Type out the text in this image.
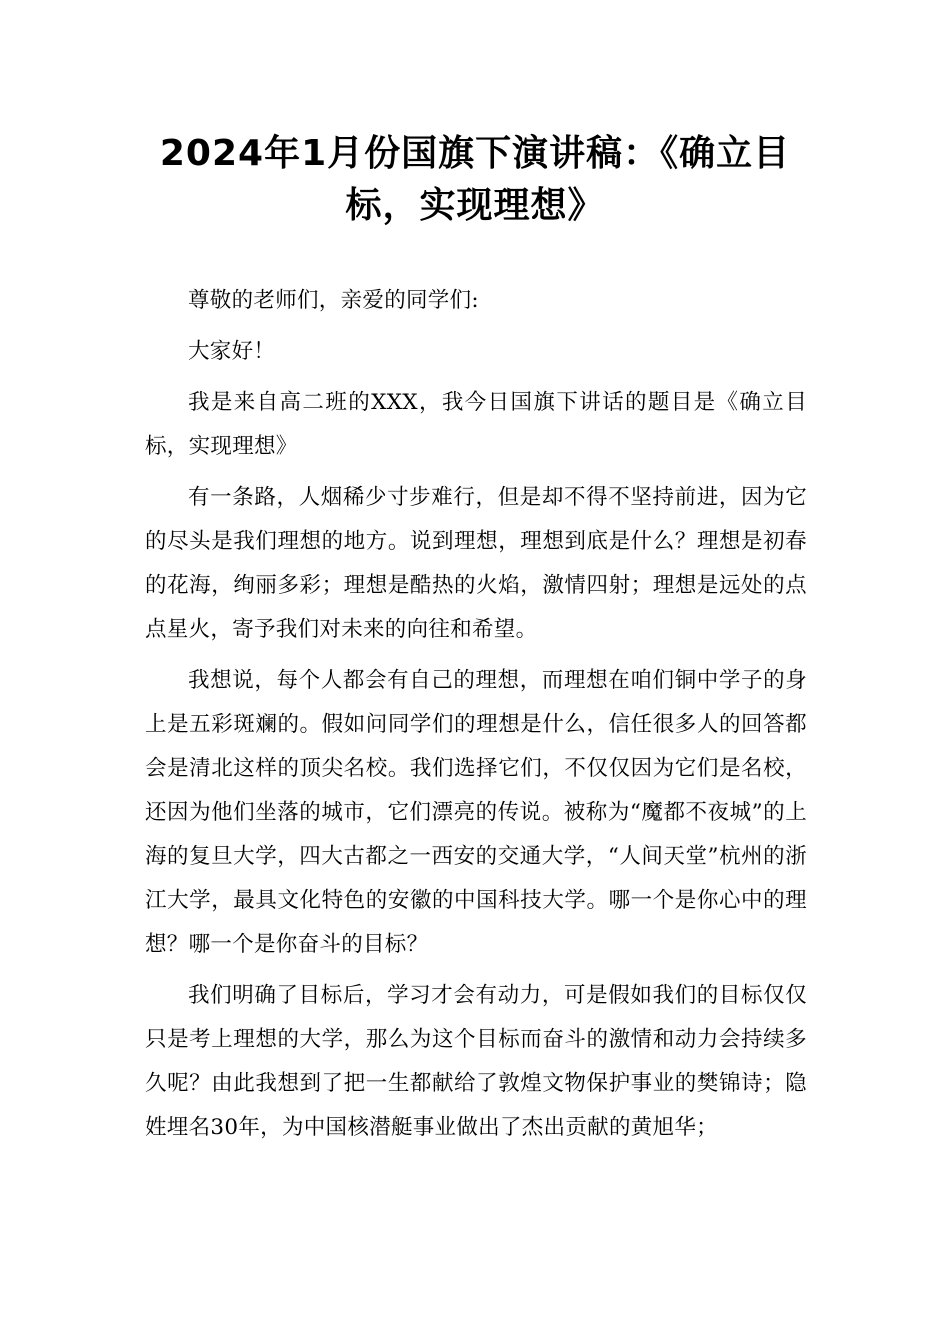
2024年1月份国旗下演讲稿：《确立目标，实现理想》

尊敬的老师们，亲爱的同学们:

大家好！

我是来自高二班的XXX，我今日国旗下讲话的题目是《确立目标，实现理想》

有一条路，人烟稀少寸步难行，但是却不得不坚持前进，因为它的尽头是我们理想的地方。说到理想，理想到底是什么？理想是初春的花海，绚丽多彩；理想是酷热的火焰，激情四射；理想是远处的点点星火，寄予我们对未来的向往和希望。

我想说，每个人都会有自己的理想，而理想在咱们铜中学子的身上是五彩斑斓的。假如问同学们的理想是什么，信任很多人的回答都会是清北这样的顶尖名校。我们选择它们，不仅仅因为它们是名校，还因为他们坐落的城市，它们漂亮的传说。被称为“魔都不夜城”的上海的复旦大学，四大古都之一西安的交通大学，“人间天堂”杭州的浙江大学，最具文化特色的安徽的中国科技大学。哪一个是你心中的理想？哪一个是你奋斗的目标？

我们明确了目标后，学习才会有动力，可是假如我们的目标仅仅只是考上理想的大学，那么为这个目标而奋斗的激情和动力会持续多久呢？由此我想到了把一生都献给了敦煌文物保护事业的樊锦诗；隐姓埋名30年，为中国核潜艇事业做出了杰出贡献的黄旭华；
